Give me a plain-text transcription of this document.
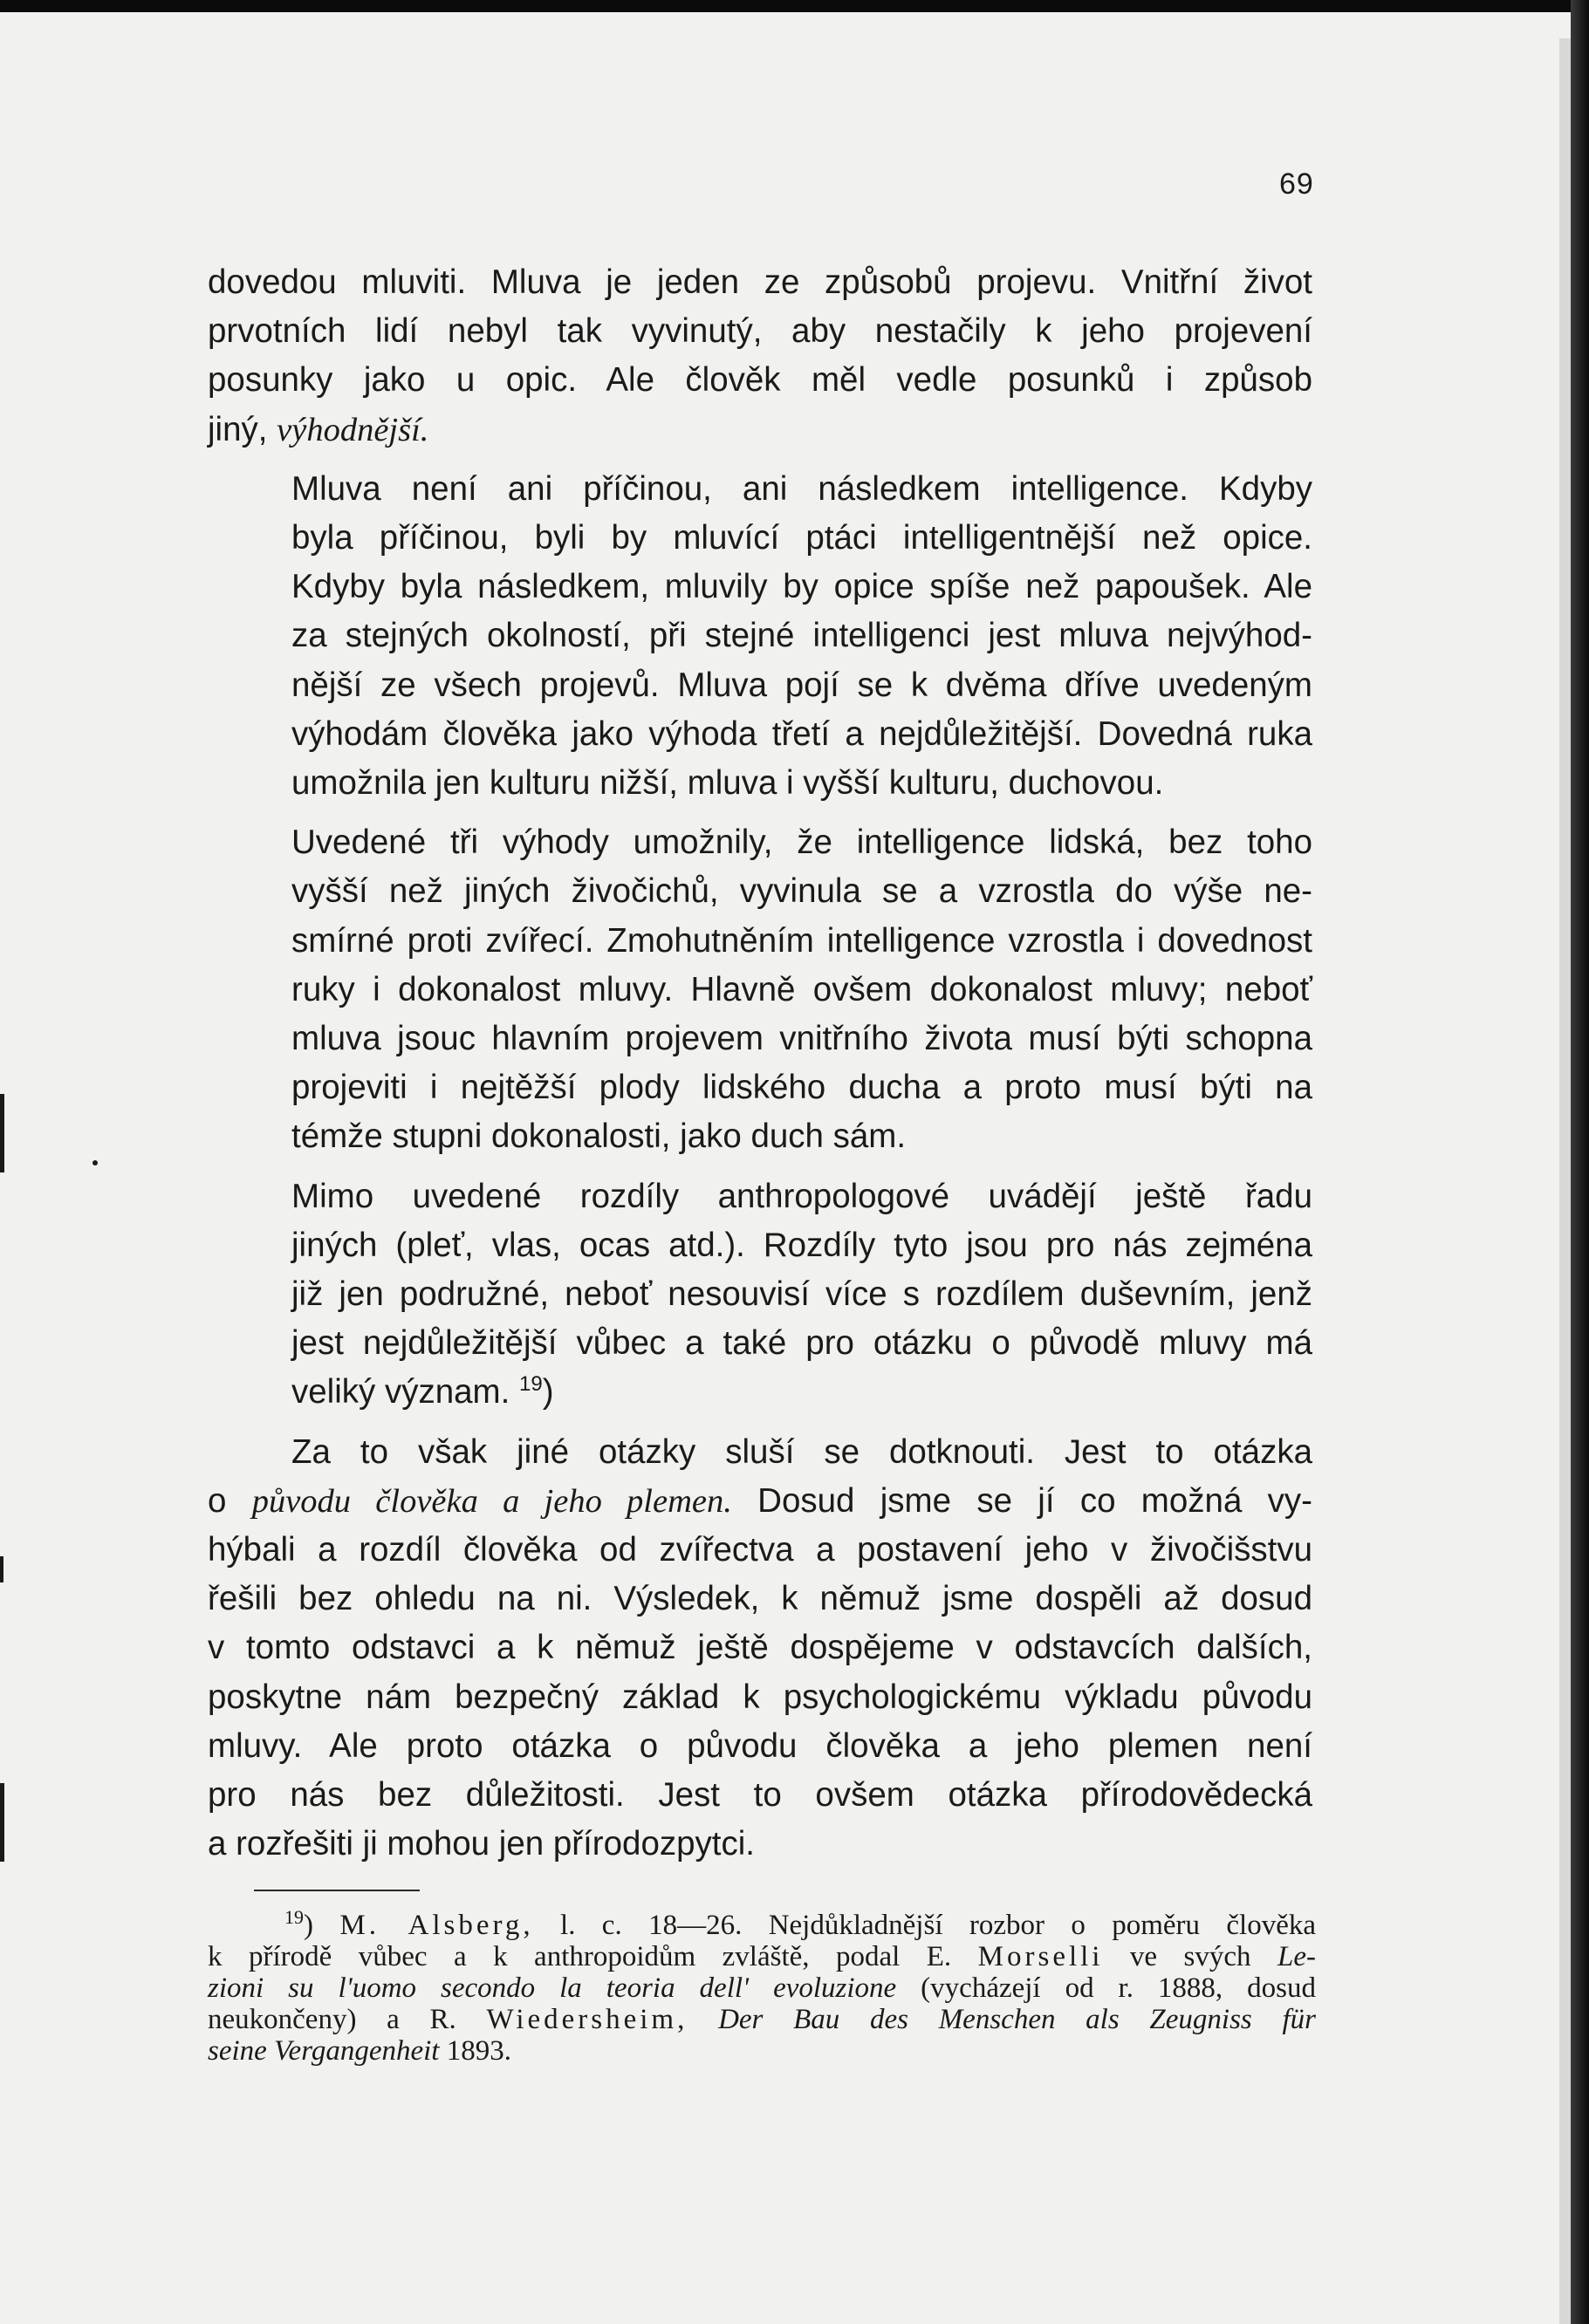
69

dovedou mluviti. Mluva je jeden ze způsobů projevu. Vnitřní život
prvotních lidí nebyl tak vyvinutý, aby nestačily k jeho projevení
posunky jako u opic. Ale člověk měl vedle posunků i způsob
jiný, výhodnější.

Mluva není ani příčinou, ani následkem intelligence. Kdyby
byla příčinou, byli by mluvící ptáci intelligentnější než opice.
Kdyby byla následkem, mluvily by opice spíše než papoušek. Ale
za stejných okolností, při stejné intelligenci jest mluva nejvýhod-
nější ze všech projevů. Mluva pojí se k dvěma dříve uvedeným
výhodám člověka jako výhoda třetí a nejdůležitější. Dovedná ruka
umožnila jen kulturu nižší, mluva i vyšší kulturu, duchovou.

Uvedené tři výhody umožnily, že intelligence lidská, bez toho
vyšší než jiných živočichů, vyvinula se a vzrostla do výše ne-
smírné proti zvířecí. Zmohutněním intelligence vzrostla i dovednost
ruky i dokonalost mluvy. Hlavně ovšem dokonalost mluvy; neboť
mluva jsouc hlavním projevem vnitřního života musí býti schopna
projeviti i nejtěžší plody lidského ducha a proto musí býti na
témže stupni dokonalosti, jako duch sám.

Mimo uvedené rozdíly anthropologové uvádějí ještě řadu
jiných (pleť, vlas, ocas atd.). Rozdíly tyto jsou pro nás zejména
již jen podružné, neboť nesouvisí více s rozdílem duševním, jenž
jest nejdůležitější vůbec a také pro otázku o původě mluvy má
veliký význam. $^{19}$)

Za to však jiné otázky sluší se dotknouti. Jest to otázka
o původu člověka a jeho plemen. Dosud jsme se jí co možná vy-
hýbali a rozdíl člověka od zvířectva a postavení jeho v živočišstvu
řešili bez ohledu na ni. Výsledek, k němuž jsme dospěli až dosud
v tomto odstavci a k němuž ještě dospějeme v odstavcích dalších,
poskytne nám bezpečný základ k psychologickému výkladu původu
mluvy. Ale proto otázka o původu člověka a jeho plemen není
pro nás bez důležitosti. Jest to ovšem otázka přírodovědecká
a rozřešiti ji mohou jen přírodozpytci.

$^{19}$) M. Alsberg, l. c. 18—26. Nejdůkladnější rozbor o poměru člověka
k přírodě vůbec a k anthropoidům zvláště, podal E. Morselli ve svých Le-
zioni su l'uomo secondo la teoria dell' evoluzione (vycházejí od r. 1888, dosud
neukončeny) a R. Wiedersheim, Der Bau des Menschen als Zeugniss für
seine Vergangenheit 1893.
